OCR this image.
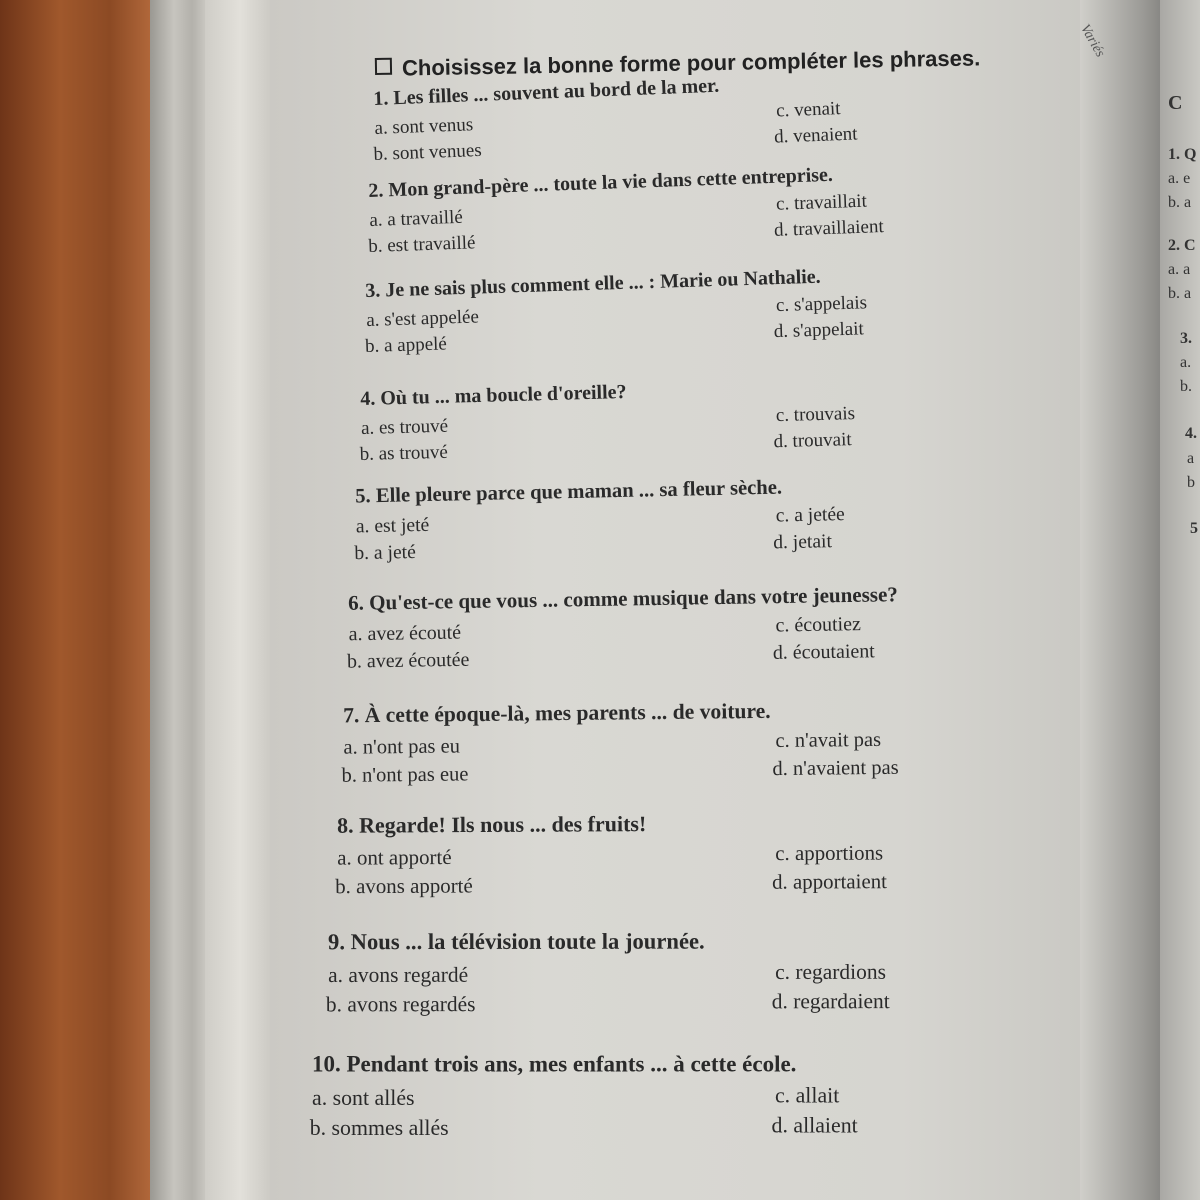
Variés
Choisissez la bonne forme pour compléter les phrases.
1. Les filles ... souvent au bord de la mer.
a. sont venus
b. sont venues
c. venait
d. venaient
2. Mon grand-père ... toute la vie dans cette entreprise.
a. a travaillé
b. est travaillé
c. travaillait
d. travaillaient
3. Je ne sais plus comment elle ... : Marie ou Nathalie.
a. s'est appelée
b. a appelé
c. s'appelais
d. s'appelait
4. Où tu ... ma boucle d'oreille?
a. es trouvé
b. as trouvé
c. trouvais
d. trouvait
5. Elle pleure parce que maman ... sa fleur sèche.
a. est jeté
b. a jeté
c. a jetée
d. jetait
6. Qu'est-ce que vous ... comme musique dans votre jeunesse?
a. avez écouté
b. avez écoutée
c. écoutiez
d. écoutaient
7. À cette époque-là, mes parents ... de voiture.
a. n'ont pas eu
b. n'ont pas eue
c. n'avait pas
d. n'avaient pas
8. Regarde! Ils nous ... des fruits!
a. ont apporté
b. avons apporté
c. apportions
d. apportaient
9. Nous ... la télévision toute la journée.
a. avons regardé
b. avons regardés
c. regardions
d. regardaient
10. Pendant trois ans, mes enfants ... à cette école.
a. sont allés
b. sommes allés
c. allait
d. allaient
C
1. Q
a. e
b. a
2. C
a. a
b. a
3.
a.
b.
4.
a
b
5
